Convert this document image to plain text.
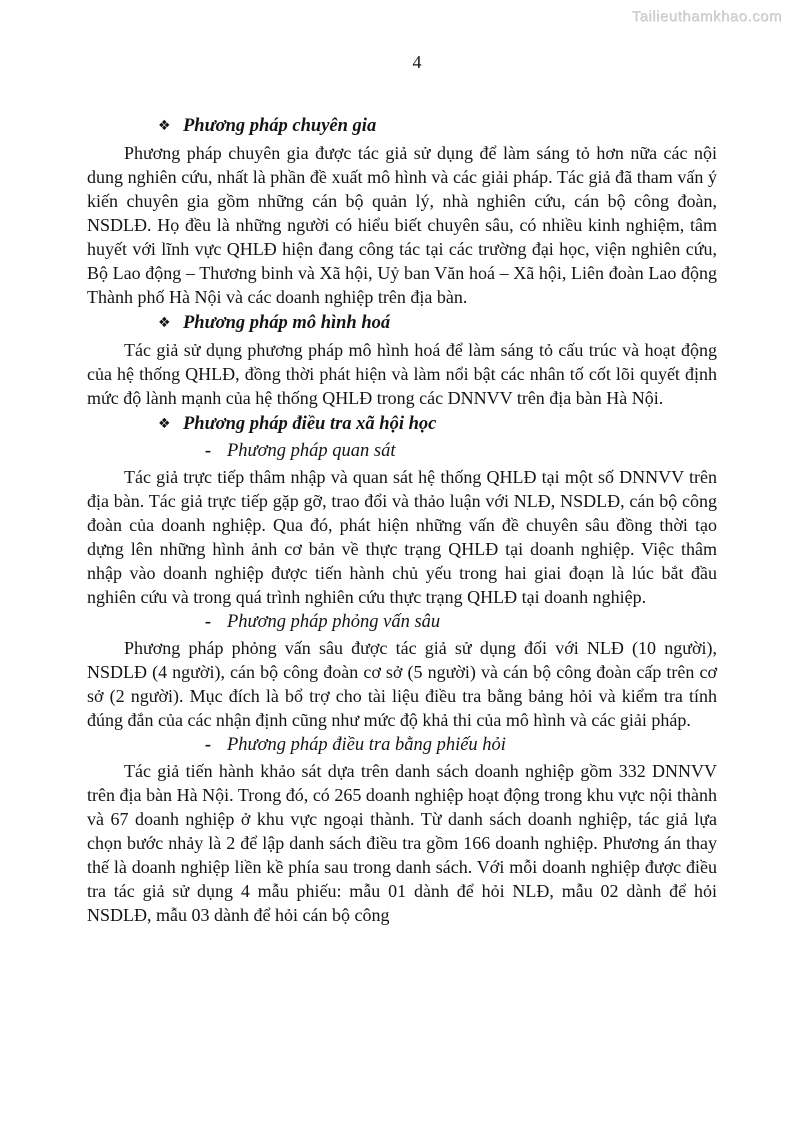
Tailieuthamkhao.com
4
❖ Phương pháp chuyên gia

Phương pháp chuyên gia được tác giả sử dụng để làm sáng tỏ hơn nữa các nội dung nghiên cứu, nhất là phần đề xuất mô hình và các giải pháp. Tác giả đã tham vấn ý kiến chuyên gia gồm những cán bộ quản lý, nhà nghiên cứu, cán bộ công đoàn, NSDLĐ. Họ đều là những người có hiểu biết chuyên sâu, có nhiều kinh nghiệm, tâm huyết với lĩnh vực QHLĐ hiện đang công tác tại các trường đại học, viện nghiên cứu, Bộ Lao động – Thương binh và Xã hội, Uỷ ban Văn hoá – Xã hội, Liên đoàn Lao động Thành phố Hà Nội và các doanh nghiệp trên địa bàn.

❖ Phương pháp mô hình hoá

Tác giả sử dụng phương pháp mô hình hoá để làm sáng tỏ cấu trúc và hoạt động của hệ thống QHLĐ, đồng thời phát hiện và làm nổi bật các nhân tố cốt lõi quyết định mức độ lành mạnh của hệ thống QHLĐ trong các DNNVV trên địa bàn Hà Nội.

❖ Phương pháp điều tra xã hội học
- Phương pháp quan sát

Tác giả trực tiếp thâm nhập và quan sát hệ thống QHLĐ tại một số DNNVV trên địa bàn. Tác giả trực tiếp gặp gỡ, trao đổi và thảo luận với NLĐ, NSDLĐ, cán bộ công đoàn của doanh nghiệp. Qua đó, phát hiện những vấn đề chuyên sâu đồng thời tạo dựng lên những hình ảnh cơ bản về thực trạng QHLĐ tại doanh nghiệp. Việc thâm nhập vào doanh nghiệp được tiến hành chủ yếu trong hai giai đoạn là lúc bắt đầu nghiên cứu và trong quá trình nghiên cứu thực trạng QHLĐ tại doanh nghiệp.

- Phương pháp phỏng vấn sâu

Phương pháp phỏng vấn sâu được tác giả sử dụng đối với NLĐ (10 người), NSDLĐ (4 người), cán bộ công đoàn cơ sở (5 người) và cán bộ công đoàn cấp trên cơ sở (2 người). Mục đích là bổ trợ cho tài liệu điều tra bằng bảng hỏi và kiểm tra tính đúng đắn của các nhận định cũng như mức độ khả thi của mô hình và các giải pháp.

- Phương pháp điều tra bằng phiếu hỏi

Tác giả tiến hành khảo sát dựa trên danh sách doanh nghiệp gồm 332 DNNVV trên địa bàn Hà Nội. Trong đó, có 265 doanh nghiệp hoạt động trong khu vực nội thành và 67 doanh nghiệp ở khu vực ngoại thành. Từ danh sách doanh nghiệp, tác giả lựa chọn bước nhảy là 2 để lập danh sách điều tra gồm 166 doanh nghiệp. Phương án thay thế là doanh nghiệp liền kề phía sau trong danh sách. Với mỗi doanh nghiệp được điều tra tác giả sử dụng 4 mẫu phiếu: mẫu 01 dành để hỏi NLĐ, mẫu 02 dành để hỏi NSDLĐ, mẫu 03 dành để hỏi cán bộ công
